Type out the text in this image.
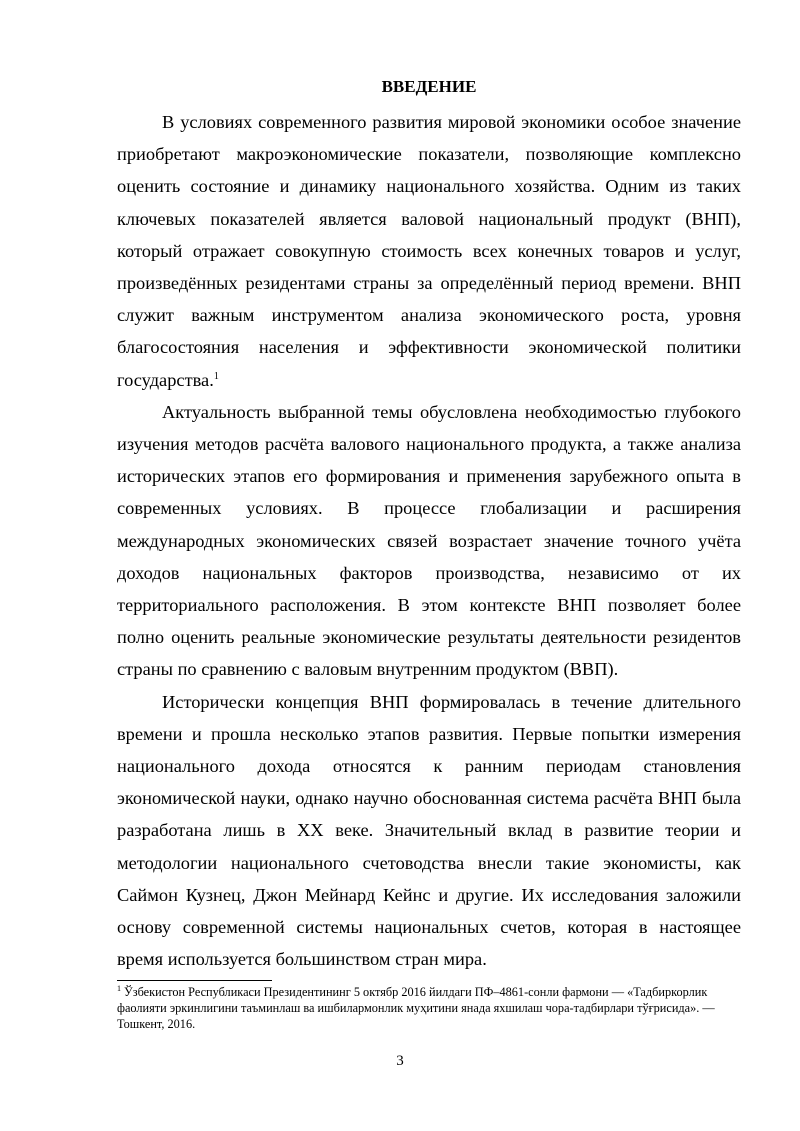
ВВЕДЕНИЕ

В условиях современного развития мировой экономики особое значение приобретают макроэкономические показатели, позволяющие комплексно оценить состояние и динамику национального хозяйства. Одним из таких ключевых показателей является валовой национальный продукт (ВНП), который отражает совокупную стоимость всех конечных товаров и услуг, произведённых резидентами страны за определённый период времени. ВНП служит важным инструментом анализа экономического роста, уровня благосостояния населения и эффективности экономической политики государства.$^1$

Актуальность выбранной темы обусловлена необходимостью глубокого изучения методов расчёта валового национального продукта, а также анализа исторических этапов его формирования и применения зарубежного опыта в современных условиях. В процессе глобализации и расширения международных экономических связей возрастает значение точного учёта доходов национальных факторов производства, независимо от их территориального расположения. В этом контексте ВНП позволяет более полно оценить реальные экономические результаты деятельности резидентов страны по сравнению с валовым внутренним продуктом (ВВП).

Исторически концепция ВНП формировалась в течение длительного времени и прошла несколько этапов развития. Первые попытки измерения национального дохода относятся к ранним периодам становления экономической науки, однако научно обоснованная система расчёта ВНП была разработана лишь в XX веке. Значительный вклад в развитие теории и методологии национального счетоводства внесли такие экономисты, как Саймон Кузнец, Джон Мейнард Кейнс и другие. Их исследования заложили основу современной системы национальных счетов, которая в настоящее время используется большинством стран мира.

$^1$ Ўзбекистон Республикаси Президентининг 5 октябр 2016 йилдаги ПФ–4861-сонли фармони — «Тадбиркорлик фаолияти эркинлигини таъминлаш ва ишбилармонлик муҳитини янада яхшилаш чора-тадбирлари тўғрисида». — Тошкент, 2016.
3
